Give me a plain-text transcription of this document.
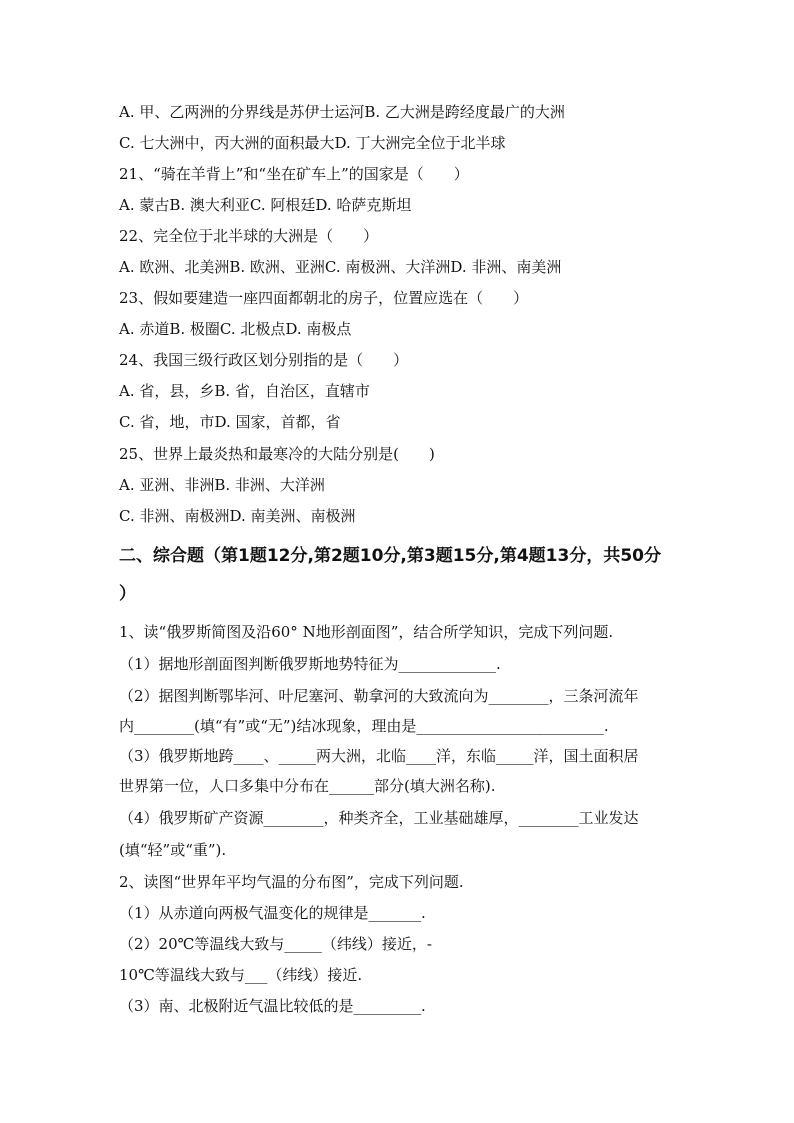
A. 甲、乙两洲的分界线是苏伊士运河B. 乙大洲是跨经度最广的大洲
C. 七大洲中，丙大洲的面积最大D. 丁大洲完全位于北半球
21、“骑在羊背上”和“坐在矿车上”的国家是（　　）
A. 蒙古B. 澳大利亚C. 阿根廷D. 哈萨克斯坦
22、完全位于北半球的大洲是（　　）
A. 欧洲、北美洲B. 欧洲、亚洲C. 南极洲、大洋洲D. 非洲、南美洲
23、假如要建造一座四面都朝北的房子，位置应选在（　　）
A. 赤道B. 极圈C. 北极点D. 南极点
24、我国三级行政区划分别指的是（　　）
A. 省，县，乡B. 省，自治区，直辖市
C. 省，地，市D. 国家，首都，省
25、世界上最炎热和最寒冷的大陆分别是(　　)
A. 亚洲、非洲B. 非洲、大洋洲
C. 非洲、南极洲D. 南美洲、南极洲
二、综合题（第1题12分,第2题10分,第3题15分,第4题13分，共50分
）
1、读“俄罗斯简图及沿60° N地形剖面图”，结合所学知识，完成下列问题.
（1）据地形剖面图判断俄罗斯地势特征为_____________.
（2）据图判断鄂毕河、叶尼塞河、勒拿河的大致流向为________，三条河流年
内________(填“有”或“无”)结冰现象，理由是_________________________.
（3）俄罗斯地跨____、_____两大洲，北临____洋，东临_____洋，国土面积居
世界第一位，人口多集中分布在______部分(填大洲名称).
（4）俄罗斯矿产资源________，种类齐全，工业基础雄厚，________工业发达
(填“轻”或“重”).
2、读图“世界年平均气温的分布图”，完成下列问题.
（1）从赤道向两极气温变化的规律是_______.
（2）20℃等温线大致与_____（纬线）接近，-
10℃等温线大致与___（纬线）接近.
（3）南、北极附近气温比较低的是_________.
